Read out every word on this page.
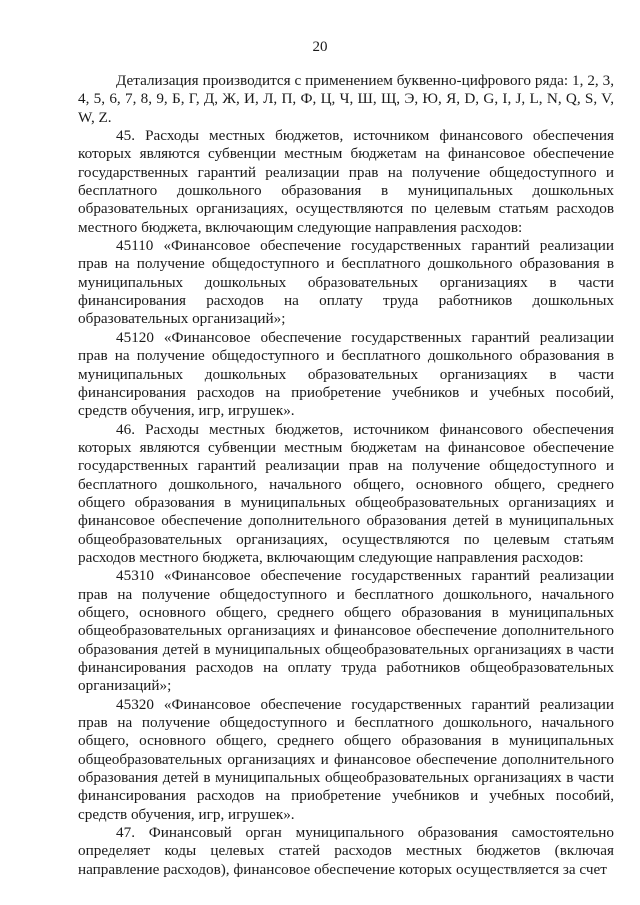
20

Детализация производится с применением буквенно-цифрового ряда: 1, 2, 3, 4, 5, 6, 7, 8, 9, Б, Г, Д, Ж, И, Л, П, Ф, Ц, Ч, Ш, Щ, Э, Ю, Я, D, G, I, J, L, N, Q, S, V, W, Z.

45. Расходы местных бюджетов, источником финансового обеспечения которых являются субвенции местным бюджетам на финансовое обеспечение государственных гарантий реализации прав на получение общедоступного и бесплатного дошкольного образования в муниципальных дошкольных образовательных организациях, осуществляются по целевым статьям расходов местного бюджета, включающим следующие направления расходов:

45110 «Финансовое обеспечение государственных гарантий реализации прав на получение общедоступного и бесплатного дошкольного образования в муниципальных дошкольных образовательных организациях в части финансирования расходов на оплату труда работников дошкольных образовательных организаций»;

45120 «Финансовое обеспечение государственных гарантий реализации прав на получение общедоступного и бесплатного дошкольного образования в муниципальных дошкольных образовательных организациях в части финансирования расходов на приобретение учебников и учебных пособий, средств обучения, игр, игрушек».

46. Расходы местных бюджетов, источником финансового обеспечения которых являются субвенции местным бюджетам на финансовое обеспечение государственных гарантий реализации прав на получение общедоступного и бесплатного дошкольного, начального общего, основного общего, среднего общего образования в муниципальных общеобразовательных организациях и финансовое обеспечение дополнительного образования детей в муниципальных общеобразовательных организациях, осуществляются по целевым статьям расходов местного бюджета, включающим следующие направления расходов:

45310 «Финансовое обеспечение государственных гарантий реализации прав на получение общедоступного и бесплатного дошкольного, начального общего, основного общего, среднего общего образования в муниципальных общеобразовательных организациях и финансовое обеспечение дополнительного образования детей в муниципальных общеобразовательных организациях в части финансирования расходов на оплату труда работников общеобразовательных организаций»;

45320 «Финансовое обеспечение государственных гарантий реализации прав на получение общедоступного и бесплатного дошкольного, начального общего, основного общего, среднего общего образования в муниципальных общеобразовательных организациях и финансовое обеспечение дополнительного образования детей в муниципальных общеобразовательных организациях в части финансирования расходов на приобретение учебников и учебных пособий, средств обучения, игр, игрушек».

47. Финансовый орган муниципального образования самостоятельно определяет коды целевых статей расходов местных бюджетов (включая направление расходов), финансовое обеспечение которых осуществляется за счет
